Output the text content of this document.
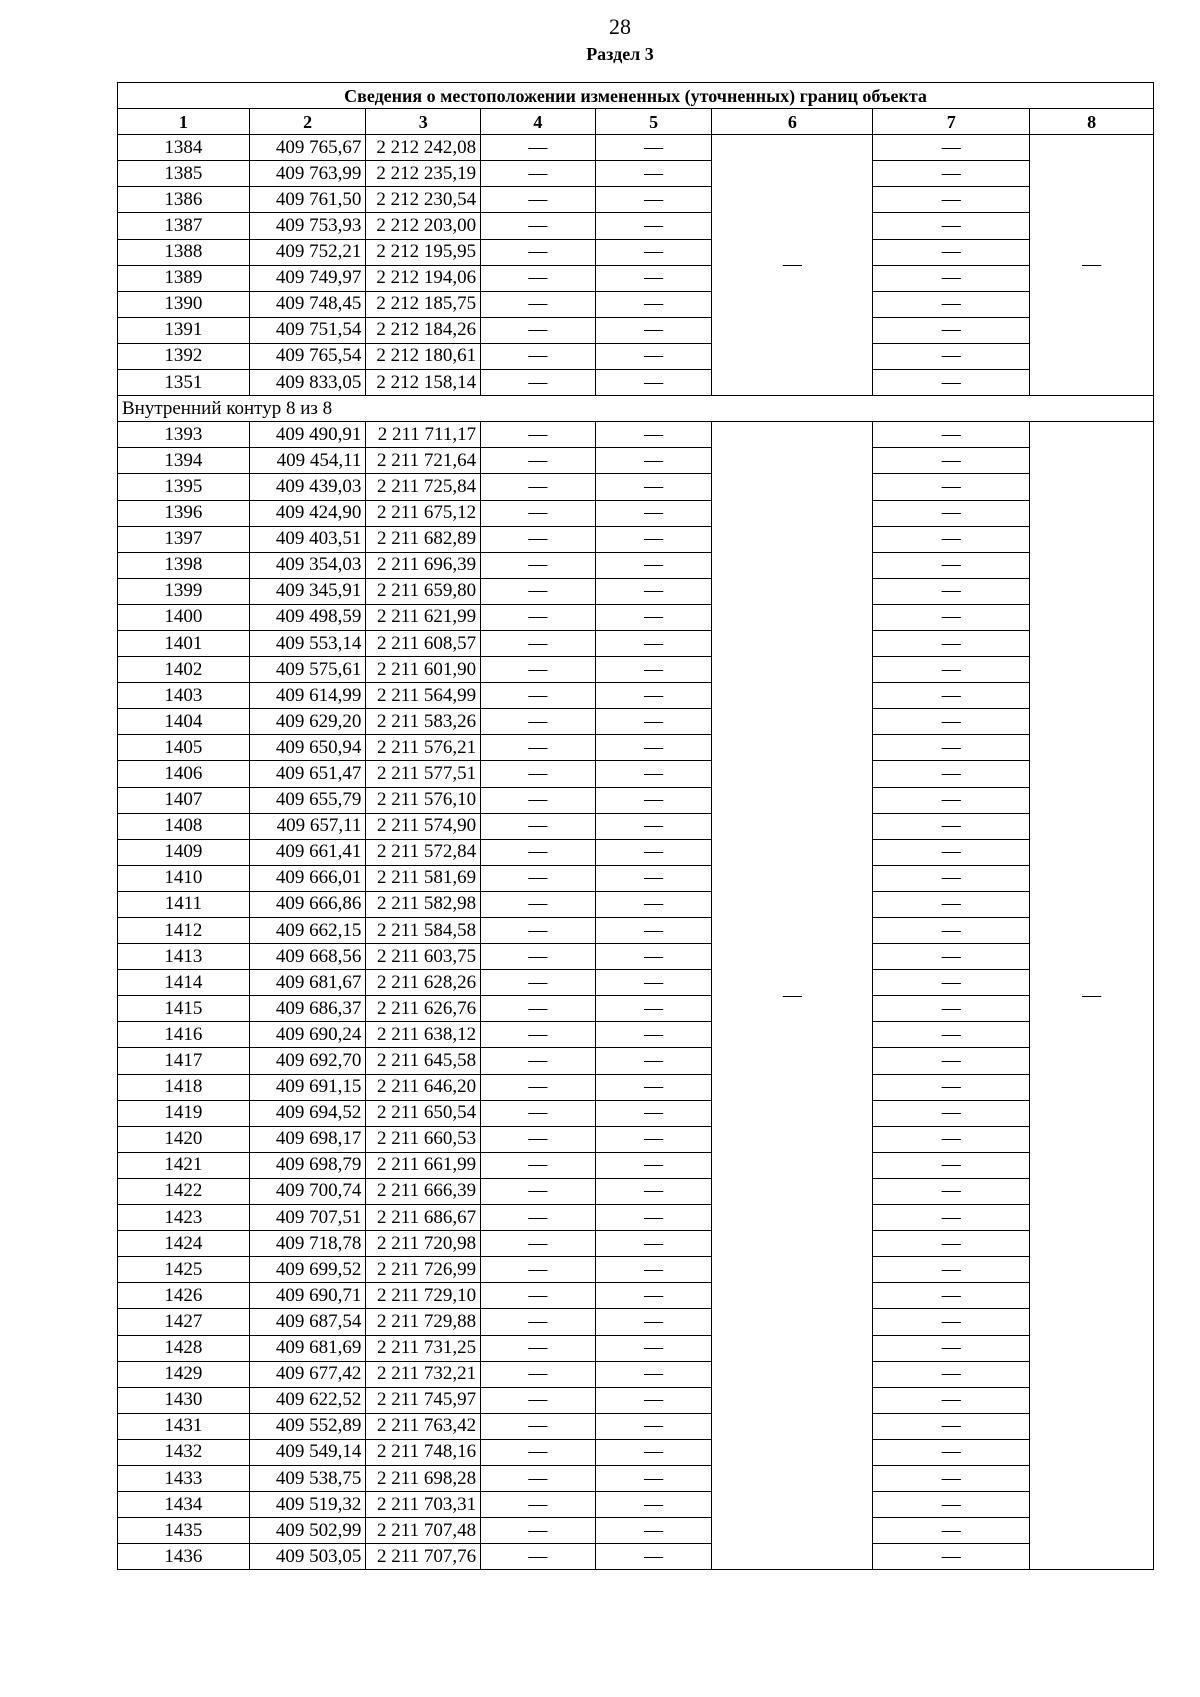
28
Раздел 3
Сведения о местоположении измененных (уточненных) границ объекта							
1	2	3	4	5	6	7	8
1384	409 765,67	2 212 242,08	—	—	—	—	—
1385	409 763,99	2 212 235,19	—	—		—	
1386	409 761,50	2 212 230,54	—	—		—	
1387	409 753,93	2 212 203,00	—	—		—	
1388	409 752,21	2 212 195,95	—	—		—	
1389	409 749,97	2 212 194,06	—	—		—	
1390	409 748,45	2 212 185,75	—	—		—	
1391	409 751,54	2 212 184,26	—	—		—	
1392	409 765,54	2 212 180,61	—	—		—	
1351	409 833,05	2 212 158,14	—	—		—	
Внутренний контур 8 из 8							
1393	409 490,91	2 211 711,17	—	—	—	—	—
1394	409 454,11	2 211 721,64	—	—		—	
1395	409 439,03	2 211 725,84	—	—		—	
1396	409 424,90	2 211 675,12	—	—		—	
1397	409 403,51	2 211 682,89	—	—		—	
1398	409 354,03	2 211 696,39	—	—		—	
1399	409 345,91	2 211 659,80	—	—		—	
1400	409 498,59	2 211 621,99	—	—		—	
1401	409 553,14	2 211 608,57	—	—		—	
1402	409 575,61	2 211 601,90	—	—		—	
1403	409 614,99	2 211 564,99	—	—		—	
1404	409 629,20	2 211 583,26	—	—		—	
1405	409 650,94	2 211 576,21	—	—		—	
1406	409 651,47	2 211 577,51	—	—		—	
1407	409 655,79	2 211 576,10	—	—		—	
1408	409 657,11	2 211 574,90	—	—		—	
1409	409 661,41	2 211 572,84	—	—		—	
1410	409 666,01	2 211 581,69	—	—		—	
1411	409 666,86	2 211 582,98	—	—		—	
1412	409 662,15	2 211 584,58	—	—		—	
1413	409 668,56	2 211 603,75	—	—		—	
1414	409 681,67	2 211 628,26	—	—		—	
1415	409 686,37	2 211 626,76	—	—		—	
1416	409 690,24	2 211 638,12	—	—		—	
1417	409 692,70	2 211 645,58	—	—		—	
1418	409 691,15	2 211 646,20	—	—		—	
1419	409 694,52	2 211 650,54	—	—		—	
1420	409 698,17	2 211 660,53	—	—		—	
1421	409 698,79	2 211 661,99	—	—		—	
1422	409 700,74	2 211 666,39	—	—		—	
1423	409 707,51	2 211 686,67	—	—		—	
1424	409 718,78	2 211 720,98	—	—		—	
1425	409 699,52	2 211 726,99	—	—		—	
1426	409 690,71	2 211 729,10	—	—		—	
1427	409 687,54	2 211 729,88	—	—		—	
1428	409 681,69	2 211 731,25	—	—		—	
1429	409 677,42	2 211 732,21	—	—		—	
1430	409 622,52	2 211 745,97	—	—		—	
1431	409 552,89	2 211 763,42	—	—		—	
1432	409 549,14	2 211 748,16	—	—		—	
1433	409 538,75	2 211 698,28	—	—		—	
1434	409 519,32	2 211 703,31	—	—		—	
1435	409 502,99	2 211 707,48	—	—		—	
1436	409 503,05	2 211 707,76	—	—		—	
